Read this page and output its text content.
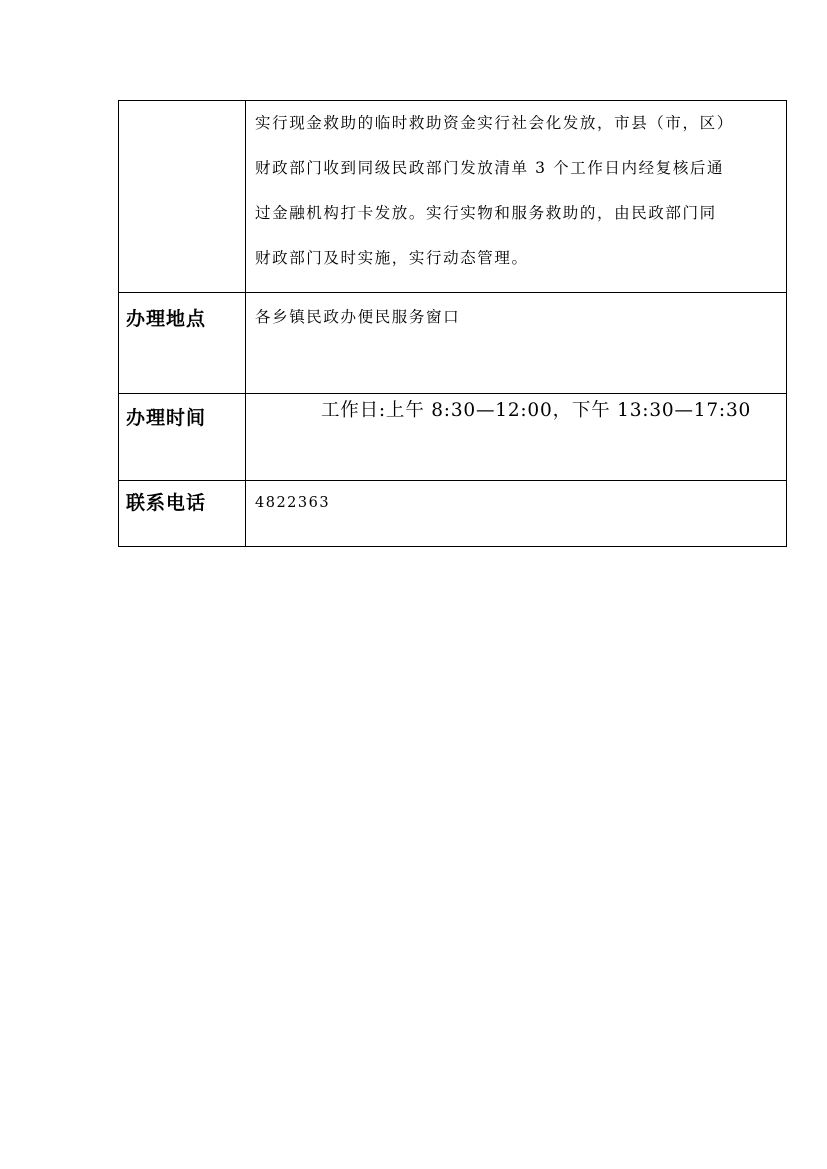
	实行现金救助的临时救助资金实行社会化发放，市县（市，区）
财政部门收到同级民政部门发放清单 3 个工作日内经复核后通
过金融机构打卡发放。实行实物和服务救助的，由民政部门同
财政部门及时实施，实行动态管理。

办理地点	各乡镇民政办便民服务窗口

办理时间	工作日:上午 8:30—12:00，下午 13:30—17:30

联系电话	4822363
